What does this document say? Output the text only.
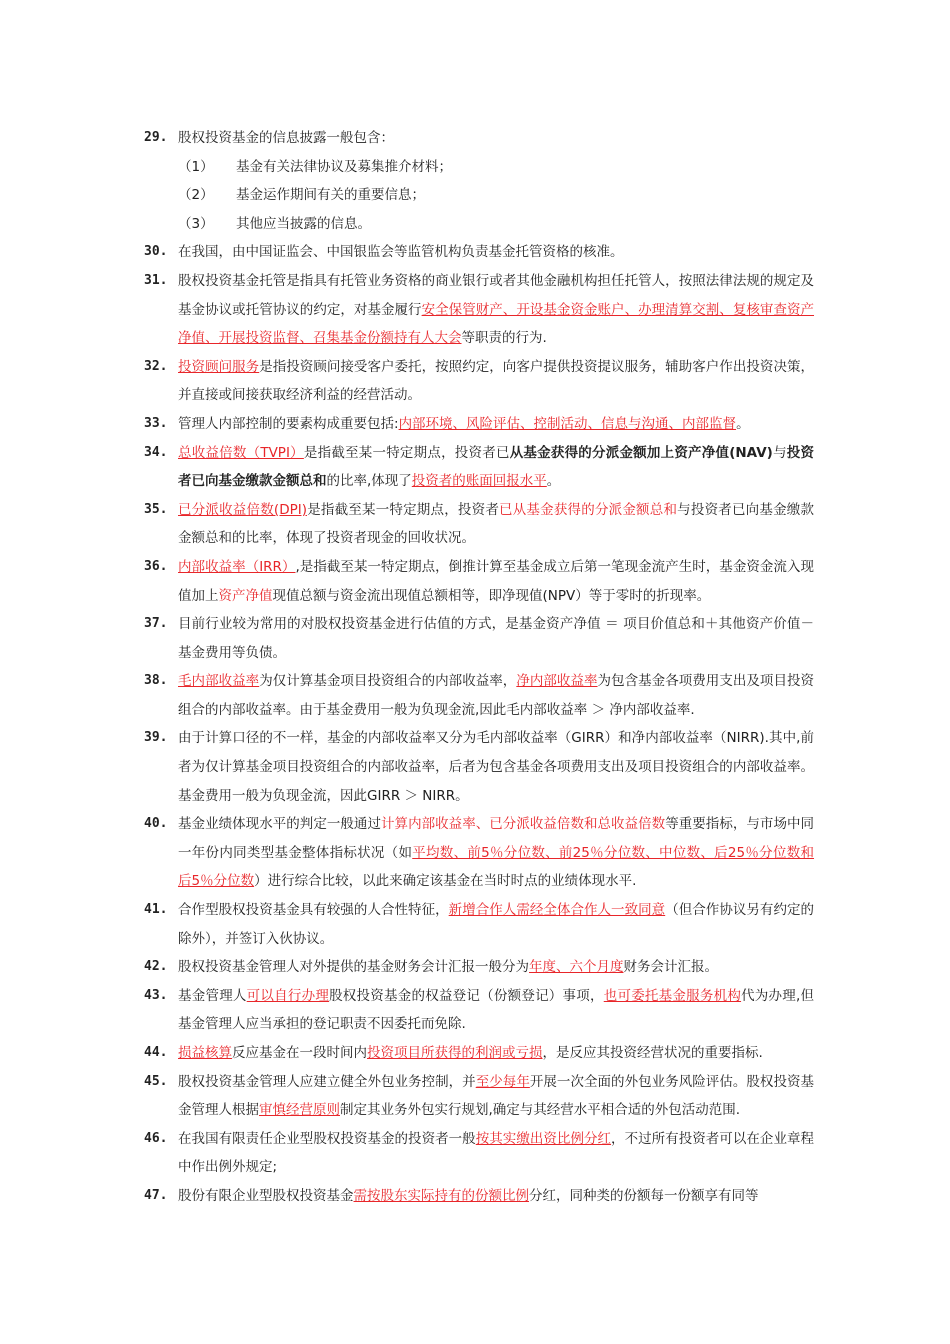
29. 股权投资基金的信息披露一般包含：
（1） 基金有关法律协议及募集推介材料；
（2） 基金运作期间有关的重要信息；
（3） 其他应当披露的信息。
30. 在我国，由中国证监会、中国银监会等监管机构负责基金托管资格的核准。
31. 股权投资基金托管是指具有托管业务资格的商业银行或者其他金融机构担任托管人，按照法律法规的规定及基金协议或托管协议的约定，对基金履行安全保管财产、开设基金资金账户、办理清算交割、复核审查资产净值、开展投资监督、召集基金份额持有人大会等职责的行为.
32. 投资顾问服务是指投资顾问接受客户委托，按照约定，向客户提供投资提议服务，辅助客户作出投资决策，并直接或间接获取经济利益的经营活动。
33. 管理人内部控制的要素构成重要包括:内部环境、风险评估、控制活动、信息与沟通、内部监督。
34. 总收益倍数（TVPI）是指截至某一特定期点，投资者已从基金获得的分派金额加上资产净值(NAV)与投资者已向基金缴款金额总和的比率,体现了投资者的账面回报水平。
35. 已分派收益倍数(DPI)是指截至某一特定期点，投资者已从基金获得的分派金额总和与投资者已向基金缴款金额总和的比率，体现了投资者现金的回收状况。
36. 内部收益率（IRR）,是指截至某一特定期点，倒推计算至基金成立后第一笔现金流产生时，基金资金流入现值加上资产净值现值总额与资金流出现值总额相等，即净现值(NPV）等于零时的折现率。
37. 目前行业较为常用的对股权投资基金进行估值的方式，是基金资产净值 ＝ 项目价值总和＋其他资产价值－基金费用等负债。
38. 毛内部收益率为仅计算基金项目投资组合的内部收益率，净内部收益率为包含基金各项费用支出及项目投资组合的内部收益率。由于基金费用一般为负现金流,因此毛内部收益率 ＞ 净内部收益率.
39. 由于计算口径的不一样，基金的内部收益率又分为毛内部收益率（GIRR）和净内部收益率（NIRR).其中,前者为仅计算基金项目投资组合的内部收益率，后者为包含基金各项费用支出及项目投资组合的内部收益率。基金费用一般为负现金流，因此GIRR ＞ NIRR。
40. 基金业绩体现水平的判定一般通过计算内部收益率、已分派收益倍数和总收益倍数等重要指标，与市场中同一年份内同类型基金整体指标状况（如平均数、前5％分位数、前25％分位数、中位数、后25％分位数和后5％分位数）进行综合比较，以此来确定该基金在当时时点的业绩体现水平.
41. 合作型股权投资基金具有较强的人合性特征，新增合作人需经全体合作人一致同意（但合作协议另有约定的除外），并签订入伙协议。
42. 股权投资基金管理人对外提供的基金财务会计汇报一般分为年度、六个月度财务会计汇报。
43. 基金管理人可以自行办理股权投资基金的权益登记（份额登记）事项，也可委托基金服务机构代为办理,但基金管理人应当承担的登记职责不因委托而免除.
44. 损益核算反应基金在一段时间内投资项目所获得的利润或亏损，是反应其投资经营状况的重要指标.
45. 股权投资基金管理人应建立健全外包业务控制，并至少每年开展一次全面的外包业务风险评估。股权投资基金管理人根据审慎经营原则制定其业务外包实行规划,确定与其经营水平相合适的外包活动范围.
46. 在我国有限责任企业型股权投资基金的投资者一般按其实缴出资比例分红，不过所有投资者可以在企业章程中作出例外规定;
47. 股份有限企业型股权投资基金需按股东实际持有的份额比例分红，同种类的份额每一份额享有同等
